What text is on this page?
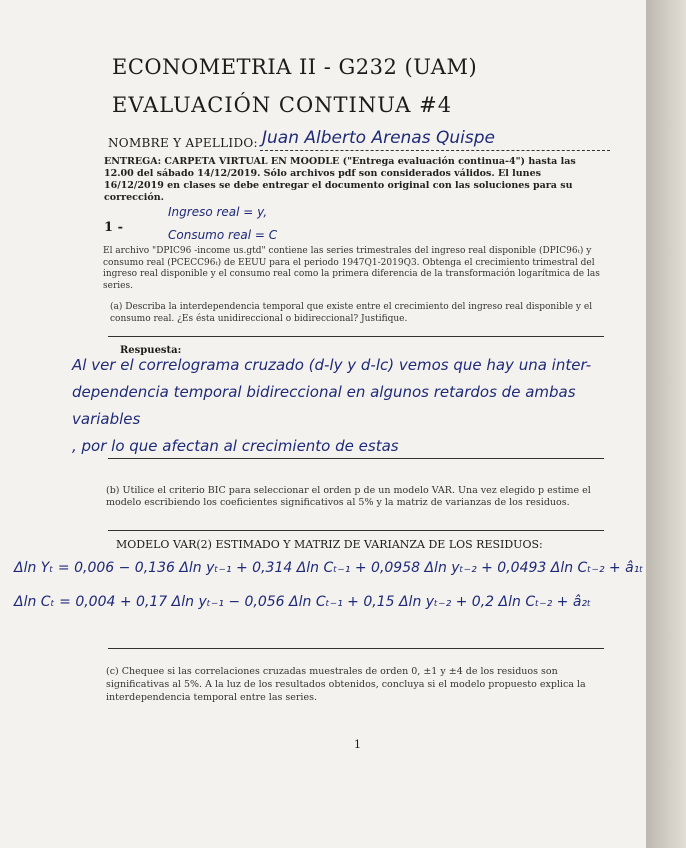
ECONOMETRIA II - G232 (UAM)
EVALUACIÓN CONTINUA #4
NOMBRE Y APELLIDO: Juan Alberto Arenas Quispe
ENTREGA: CARPETA VIRTUAL EN MOODLE ("Entrega evaluación continua-4") hasta las 12.00 del sábado 14/12/2019. Sólo archivos pdf son considerados válidos. El lunes 16/12/2019 en clases se debe entregar el documento original con las soluciones para su corrección.
1 -
Ingreso real = y,
Consumo real = C
El archivo "DPIC96 -income us.gtd" contiene las series trimestrales del ingreso real disponible (DPIC96ₜ) y consumo real (PCECC96ₜ) de EEUU para el periodo 1947Q1-2019Q3. Obtenga el crecimiento trimestral del ingreso real disponible y el consumo real como la primera diferencia de la transformación logarítmica de las series.
(a) Describa la interdependencia temporal que existe entre el crecimiento del ingreso real disponible y el consumo real. ¿Es ésta unidireccional o bidireccional? Justifique.
Respuesta:
Al ver el correlograma cruzado (d-ly y d-lc) vemos que hay una inter-
dependencia temporal bidireccional en algunos retardos de ambas variables
, por lo que afectan al crecimiento de estas
(b) Utilice el criterio BIC para seleccionar el orden p de un modelo VAR. Una vez elegido p estime el modelo escribiendo los coeficientes significativos al 5% y la matriz de varianzas de los residuos.
MODELO VAR(2) ESTIMADO Y MATRIZ DE VARIANZA DE LOS RESIDUOS:
Δln Yₜ = 0,006 − 0,136 Δln yₜ₋₁ + 0,314 Δln Cₜ₋₁ + 0,0958 Δln yₜ₋₂ + 0,0493 Δln Cₜ₋₂ + â₁ₜ
Δln Cₜ = 0,004 + 0,17 Δln yₜ₋₁ − 0,056 Δln Cₜ₋₁ + 0,15 Δln yₜ₋₂ + 0,2 Δln Cₜ₋₂ + â₂ₜ
(c) Chequee si las correlaciones cruzadas muestrales de orden 0, ±1 y ±4 de los residuos son significativas al 5%. A la luz de los resultados obtenidos, concluya si el modelo propuesto explica la interdependencia temporal entre las series.
1
